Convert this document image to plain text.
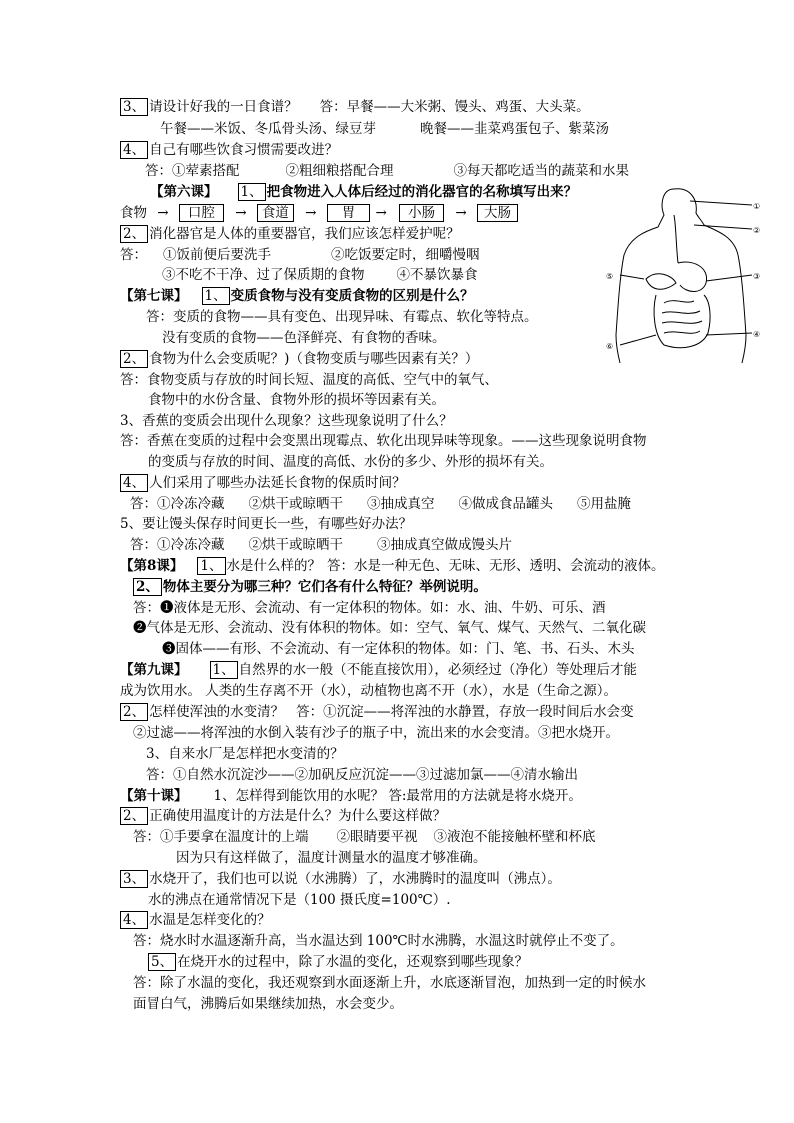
3、 请设计好我的一日食谱？ 答：早餐——大米粥、馒头、鸡蛋、大头菜。
午餐——米饭、冬瓜骨头汤、绿豆芽	晚餐——韭菜鸡蛋包子、紫菜汤
4、 自己有哪些饮食习惯需要改进？
答：①荤素搭配	②粗细粮搭配合理	③每天都吃适当的蔬菜和水果
【第六课】 1、 把食物进入人体后经过的消化器官的名称填写出来？
食物 → 口腔 → 食道 → 胃 → 小肠 → 大肠
2、 消化器官是人体的重要器官，我们应该怎样爱护呢？
答： ①饭前便后要洗手	②吃饭要定时，细嚼慢咽
③不吃不干净、过了保质期的食物 ④不暴饮暴食
①
②
③
④
⑤
⑥
【第七课】 1、 变质食物与没有变质食物的区别是什么？
答：变质的食物——具有变色、出现异味、有霉点、软化等特点。
没有变质的食物——色泽鲜亮、有食物的香味。
2、 食物为什么会变质呢？)（食物变质与哪些因素有关？）
答：食物变质与存放的时间长短、温度的高低、空气中的氧气、
食物中的水份含量、食物外形的损坏等因素有关。
3、香蕉的变质会出现什么现象？这些现象说明了什么？
答：香蕉在变质的过程中会变黑出现霉点、软化出现异味等现象。——这些现象说明食物
的变质与存放的时间、温度的高低、水份的多少、外形的损坏有关。
4、 人们采用了哪些办法延长食物的保质时间？
答：①冷冻冷藏 ②烘干或晾晒干 ③抽成真空 ④做成食品罐头 ⑤用盐腌
5、要让馒头保存时间更长一些，有哪些好办法？
答：①冷冻冷藏 ②烘干或晾晒干	③抽成真空做成馒头片
【第8课】 1、 水是什么样的？ 答：水是一种无色、无味、无形、透明、会流动的液体。
2、 物体主要分为哪三种？它们各有什么特征？举例说明。
答：❶液体是无形、会流动、有一定体积的物体。如：水、油、牛奶、可乐、酒
❷气体是无形、会流动、没有体积的物体。如：空气、氧气、煤气、天然气、二氧化碳
❸固体——有形、不会流动、有一定体积的物体。如：门、笔、书、石头、木头
【第九课】 1、 自然界的水一般（不能直接饮用），必须经过（净化）等处理后才能
成为饮用水。 人类的生存离不开（水），动植物也离不开（水），水是（生命之源）。
2、 怎样使浑浊的水变清？ 答：①沉淀——将浑浊的水静置，存放一段时间后水会变
②过滤——将浑浊的水倒入装有沙子的瓶子中，流出来的水会变清。③把水烧开。
3、自来水厂是怎样把水变清的？
答：①自然水沉淀沙——②加矾反应沉淀——③过滤加氯——④清水输出
【第十课】 1、怎样得到能饮用的水呢？ 答:最常用的方法就是将水烧开。
2、 正确使用温度计的方法是什么？为什么要这样做？
答：①手要拿在温度计的上端 ②眼睛要平视 ③液泡不能接触杯壁和杯底
因为只有这样做了，温度计测量水的温度才够准确。
3、 水烧开了，我们也可以说（水沸腾）了，水沸腾时的温度叫（沸点）。
水的沸点在通常情况下是（100 摄氏度=100℃）.
4、 水温是怎样变化的？
答：烧水时水温逐渐升高，当水温达到 100℃时水沸腾，水温这时就停止不变了。
5、 在烧开水的过程中，除了水温的变化，还观察到哪些现象？
答：除了水温的变化，我还观察到水面逐渐上升，水底逐渐冒泡，加热到一定的时候水
面冒白气，沸腾后如果继续加热，水会变少。
